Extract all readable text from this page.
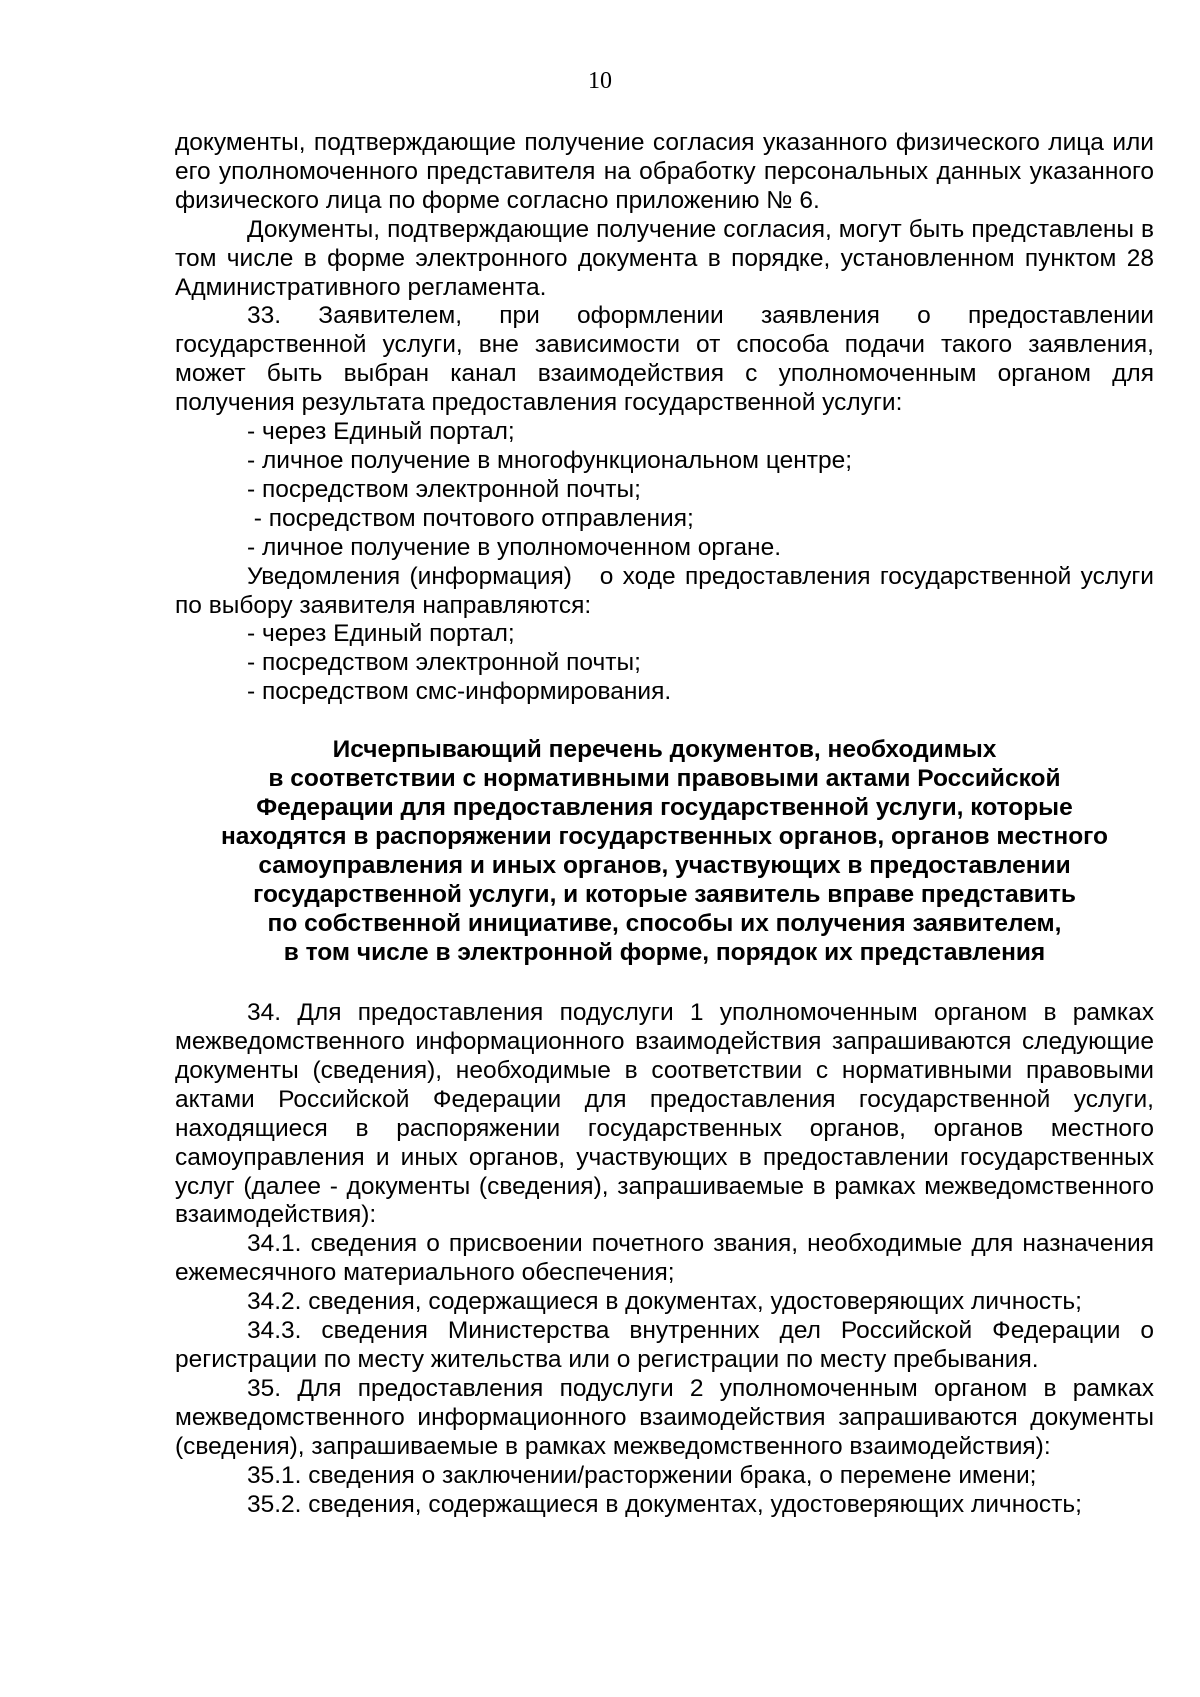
10

документы, подтверждающие получение согласия указанного физического лица или его уполномоченного представителя на обработку персональных данных указанного физического лица по форме согласно приложению № 6.

Документы, подтверждающие получение согласия, могут быть представлены в том числе в форме электронного документа в порядке, установленном пунктом 28 Административного регламента.

33. Заявителем, при оформлении заявления о предоставлении государственной услуги, вне зависимости от способа подачи такого заявления, может быть выбран канал взаимодействия с уполномоченным органом для получения результата предоставления государственной услуги:

- через Единый портал;

- личное получение в многофункциональном центре;

- посредством электронной почты;

- посредством почтового отправления;

- личное получение в уполномоченном органе.

Уведомления (информация)   о ходе предоставления государственной услуги по выбору заявителя направляются:

- через Единый портал;

- посредством электронной почты;

- посредством смс-информирования.

Исчерпывающий перечень документов, необходимых
в соответствии с нормативными правовыми актами Российской
Федерации для предоставления государственной услуги, которые
находятся в распоряжении государственных органов, органов местного
самоуправления и иных органов, участвующих в предоставлении
государственной услуги, и которые заявитель вправе представить
по собственной инициативе, способы их получения заявителем,
в том числе в электронной форме, порядок их представления

34. Для предоставления подуслуги 1 уполномоченным органом в рамках межведомственного информационного взаимодействия запрашиваются следующие документы (сведения), необходимые в соответствии с нормативными правовыми актами Российской Федерации для предоставления государственной услуги, находящиеся в распоряжении государственных органов, органов местного самоуправления и иных органов, участвующих в предоставлении государственных услуг (далее - документы (сведения), запрашиваемые в рамках межведомственного взаимодействия):

34.1. сведения о присвоении почетного звания, необходимые для назначения ежемесячного материального обеспечения;

34.2. сведения, содержащиеся в документах, удостоверяющих личность;

34.3. сведения Министерства внутренних дел Российской Федерации о регистрации по месту жительства или о регистрации по месту пребывания.

35. Для предоставления подуслуги 2 уполномоченным органом в рамках межведомственного информационного взаимодействия запрашиваются документы (сведения), запрашиваемые в рамках межведомственного взаимодействия):

35.1. сведения о заключении/расторжении брака, о перемене имени;

35.2. сведения, содержащиеся в документах, удостоверяющих личность;
